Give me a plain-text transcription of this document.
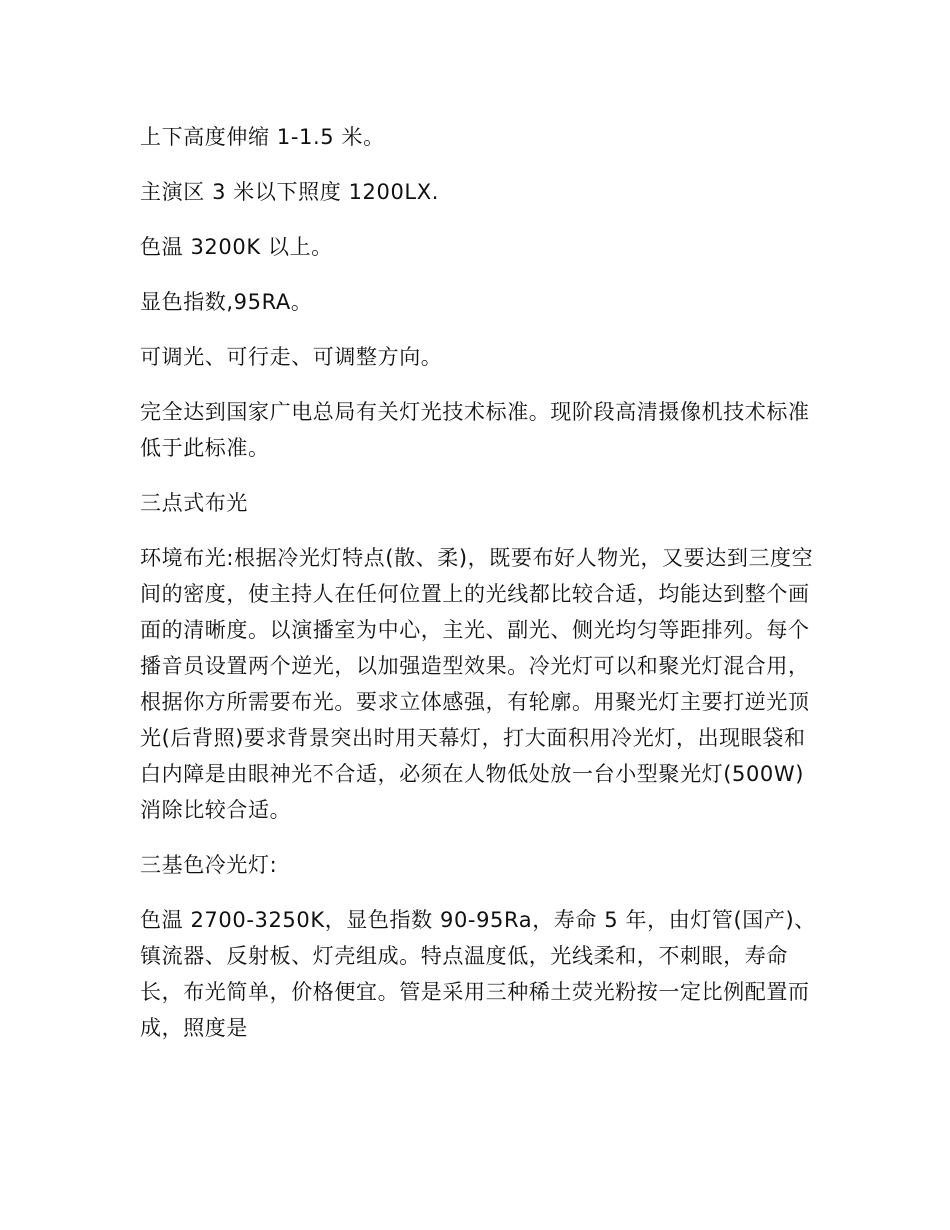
上下高度伸缩 1-1.5 米。

主演区 3 米以下照度 1200LX.

色温 3200K 以上。

显色指数,95RA。

可调光、可行走、可调整方向。

完全达到国家广电总局有关灯光技术标准。现阶段高清摄像机技术标准低于此标准。

三点式布光

环境布光:根据冷光灯特点(散、柔)，既要布好人物光，又要达到三度空间的密度，使主持人在任何位置上的光线都比较合适，均能达到整个画面的清晰度。以演播室为中心，主光、副光、侧光均匀等距排列。每个播音员设置两个逆光，以加强造型效果。冷光灯可以和聚光灯混合用，根据你方所需要布光。要求立体感强，有轮廓。用聚光灯主要打逆光顶光(后背照)要求背景突出时用天幕灯，打大面积用冷光灯，出现眼袋和白内障是由眼神光不合适，必须在人物低处放一台小型聚光灯(500W)消除比较合适。

三基色冷光灯:

色温 2700-3250K，显色指数 90-95Ra，寿命 5 年，由灯管(国产)、镇流器、反射板、灯壳组成。特点温度低，光线柔和，不刺眼，寿命长，布光简单，价格便宜。管是采用三种稀土荧光粉按一定比例配置而成，照度是
